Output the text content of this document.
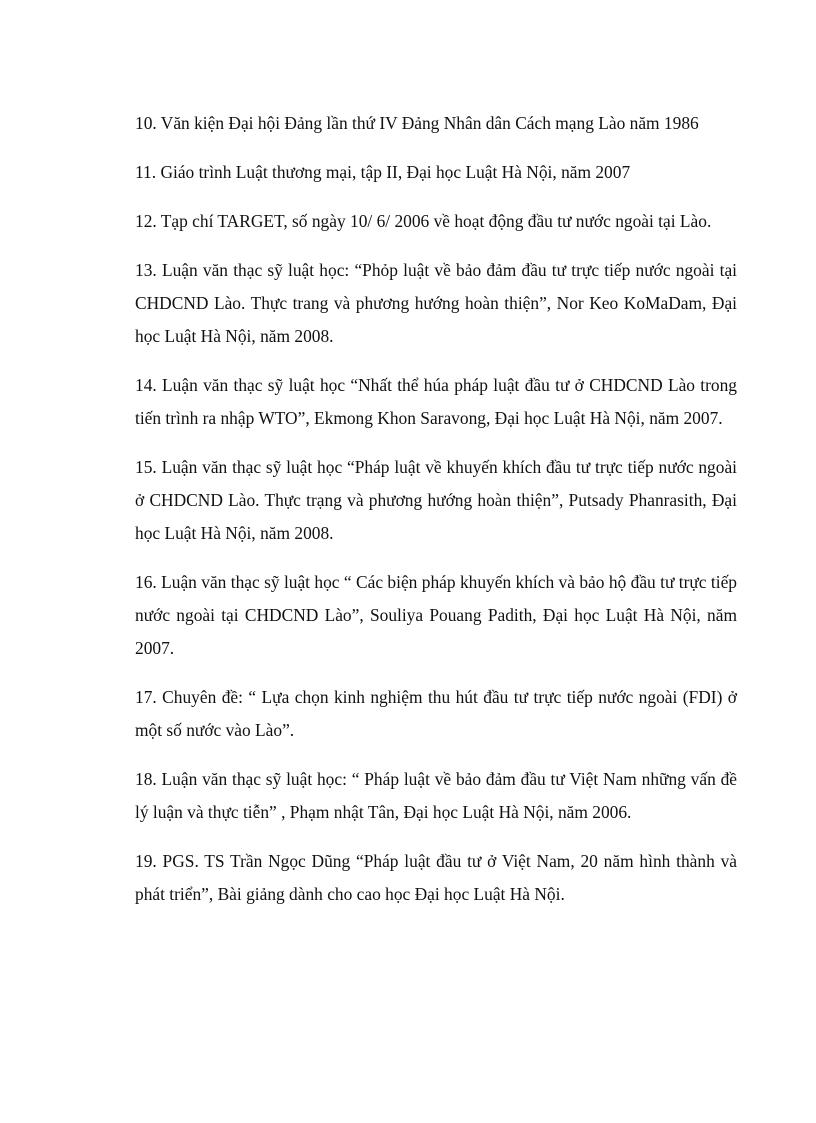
10. Văn kiện Đại hội Đảng lần thứ IV Đảng Nhân dân Cách mạng Lào năm 1986
11. Giáo trình Luật thương mại, tập II, Đại học Luật Hà Nội, năm 2007
12. Tạp chí TARGET, số ngày 10/ 6/ 2006 về hoạt động đầu tư nước ngoài tại Lào.
13. Luận văn thạc sỹ luật học: “Phỏp luật về bảo đảm đầu tư trực tiếp nước ngoài tại CHDCND Lào. Thực trang và phương hướng hoàn thiện”, Nor Keo KoMaDam, Đại học Luật Hà Nội, năm 2008.
14. Luận văn thạc sỹ luật học “Nhất thể húa pháp luật đầu tư ở CHDCND Lào trong tiến trình ra nhập WTO”, Ekmong Khon Saravong, Đại học Luật Hà Nội, năm 2007.
15. Luận văn thạc sỹ luật học “Pháp luật về khuyến khích đầu tư trực tiếp nước ngoài ở CHDCND Lào. Thực trạng và phương hướng hoàn thiện”, Putsady Phanrasith, Đại học Luật Hà Nội, năm 2008.
16. Luận văn thạc sỹ luật học “ Các biện pháp khuyến khích và bảo hộ đầu tư trực tiếp nước ngoài tại CHDCND Lào”, Souliya Pouang Padith, Đại học Luật Hà Nội, năm 2007.
17. Chuyên đề: “ Lựa chọn kinh nghiệm thu hút đầu tư trực tiếp nước ngoài (FDI) ở một số nước vào Lào”.
18. Luận văn thạc sỹ luật học: “ Pháp luật về bảo đảm đầu tư Việt Nam những vấn đề lý luận và thực tiễn” , Phạm nhật Tân, Đại học Luật Hà Nội, năm 2006.
19. PGS. TS Trần Ngọc Dũng “Pháp luật đầu tư ở Việt Nam, 20 năm hình thành và phát triển”, Bài giảng dành cho cao học Đại học Luật Hà Nội.
